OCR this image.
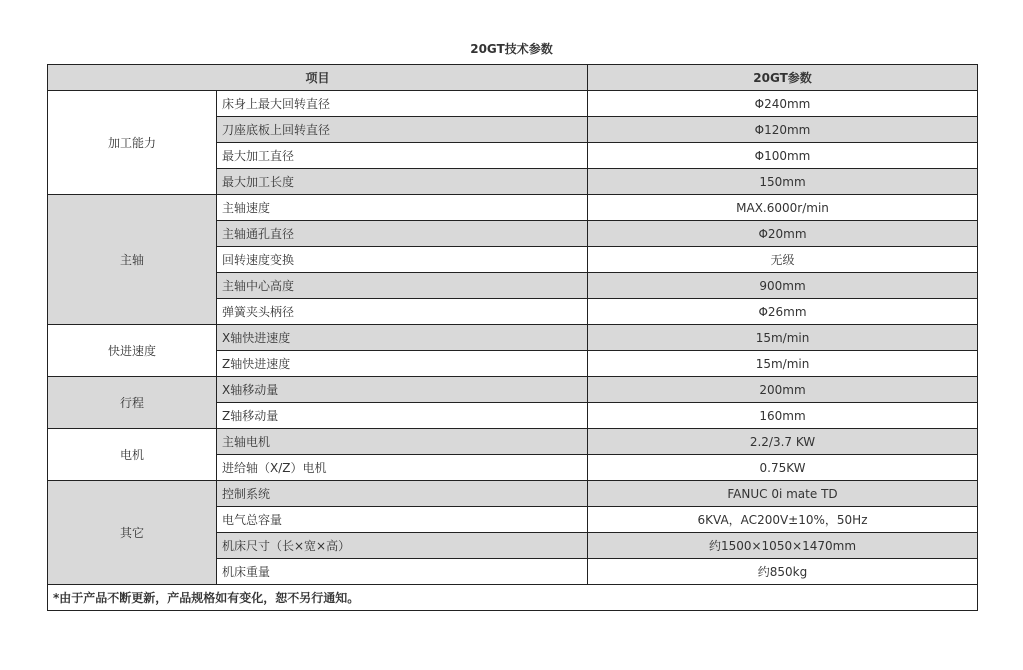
20GT技术参数
项目		20GT参数
加工能力	床身上最大回转直径	Φ240mm
	刀座底板上回转直径	Φ120mm
	最大加工直径	Φ100mm
	最大加工长度	150mm
主轴	主轴速度	MAX.6000r/min
	主轴通孔直径	Φ20mm
	回转速度变换	无级
	主轴中心高度	900mm
	弹簧夹头柄径	Φ26mm
快进速度	X轴快进速度	15m/min
	Z轴快进速度	15m/min
行程	X轴移动量	200mm
	Z轴移动量	160mm
电机	主轴电机	2.2/3.7 KW
	进给轴（X/Z）电机	0.75KW
其它	控制系统	FANUC 0i mate TD
	电气总容量	6KVA，AC200V±10%，50Hz
	机床尺寸（长×宽×高）	约1500×1050×1470mm
	机床重量	约850kg
*由于产品不断更新，产品规格如有变化，恕不另行通知。		
